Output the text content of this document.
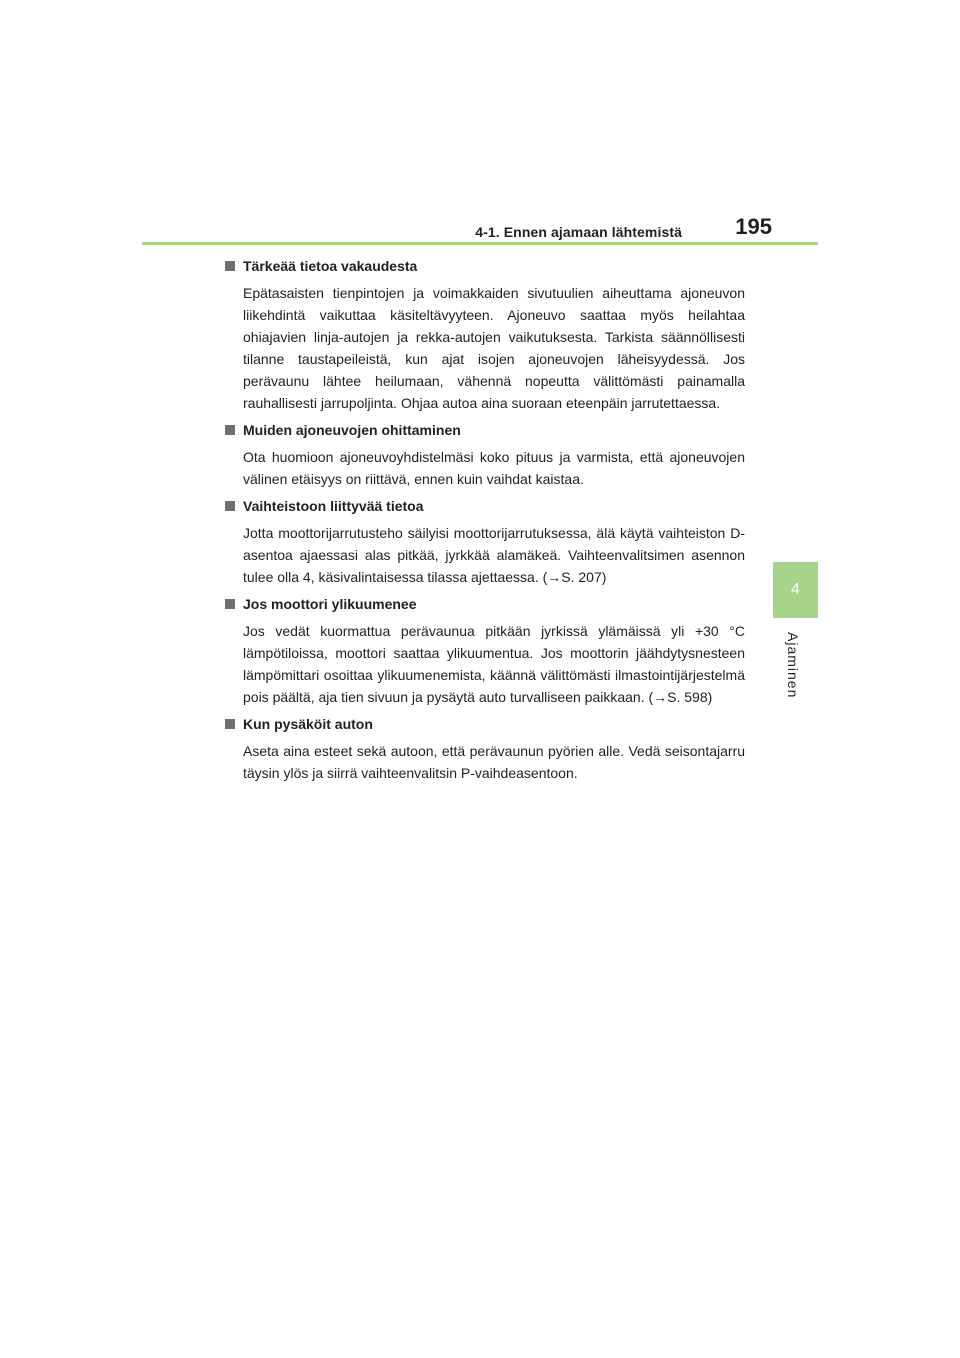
4-1. Ennen ajamaan lähtemistä 195
4
Ajaminen
Tärkeää tietoa vakaudesta
Epätasaisten tienpintojen ja voimakkaiden sivutuulien aiheuttama ajoneuvon liikehdintä vaikuttaa käsiteltävyyteen. Ajoneuvo saattaa myös heilahtaa ohiajavien linja-autojen ja rekka-autojen vaikutuksesta. Tarkista säännöllisesti tilanne taustapeileistä, kun ajat isojen ajoneuvojen läheisyydessä. Jos perävaunu lähtee heilumaan, vähennä nopeutta välittömästi painamalla rauhallisesti jarrupoljinta. Ohjaa autoa aina suoraan eteenpäin jarrutettaessa.
Muiden ajoneuvojen ohittaminen
Ota huomioon ajoneuvoyhdistelmäsi koko pituus ja varmista, että ajoneuvojen välinen etäisyys on riittävä, ennen kuin vaihdat kaistaa.
Vaihteistoon liittyvää tietoa
Jotta moottorijarrutusteho säilyisi moottorijarrutuksessa, älä käytä vaihteiston D-asentoa ajaessasi alas pitkää, jyrkkää alamäkeä. Vaihteenvalitsimen asennon tulee olla 4, käsivalintaisessa tilassa ajettaessa. (→S. 207)
Jos moottori ylikuumenee
Jos vedät kuormattua perävaunua pitkään jyrkissä ylämäissä yli +30 °C lämpötiloissa, moottori saattaa ylikuumentua. Jos moottorin jäähdytysnesteen lämpömittari osoittaa ylikuumenemista, käännä välittömästi ilmastointijärjestelmä pois päältä, aja tien sivuun ja pysäytä auto turvalliseen paikkaan. (→S. 598)
Kun pysäköit auton
Aseta aina esteet sekä autoon, että perävaunun pyörien alle. Vedä seisontajarru täysin ylös ja siirrä vaihteenvalitsin P-vaihdeasentoon.
